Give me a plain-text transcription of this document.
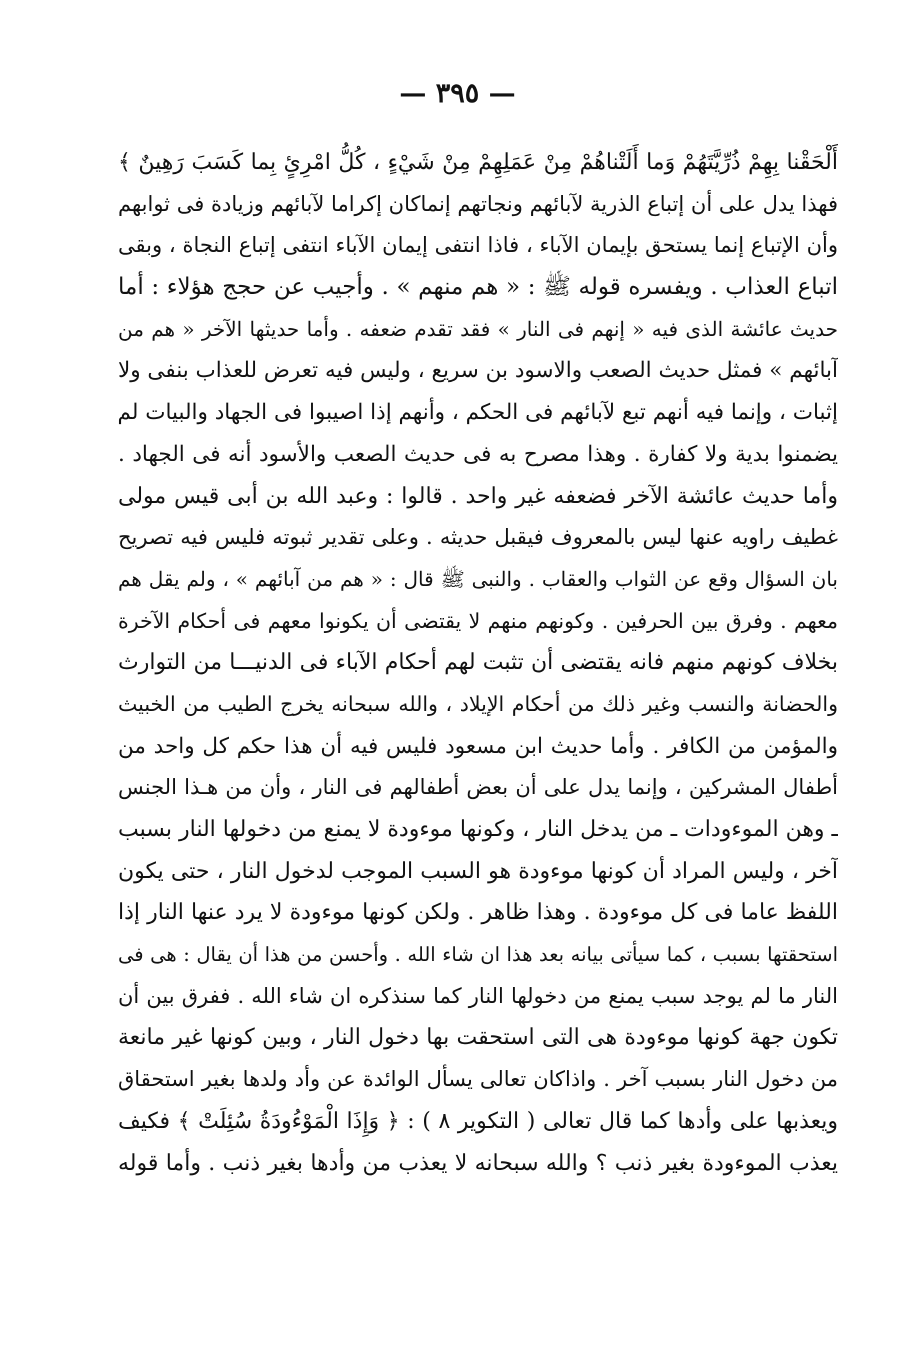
— ٣٩٥ —
أَلْحَقْنا بِهِمْ ذُرِّيَّتَهُمْ وَما أَلَتْناهُمْ مِنْ عَمَلِهِمْ مِنْ شَيْءٍ ، كُلُّ امْرِئٍ بِما كَسَبَ رَهِينٌ ﴾
فهذا يدل على أن إتباع الذرية لآبائهم ونجاتهم إنماكان إكراما لآبائهم وزيادة فى ثوابهم
وأن الإتباع إنما يستحق بإيمان الآباء ، فاذا انتفى إيمان الآباء انتفى إتباع النجاة ، وبقى
اتباع العذاب . ويفسره قوله ﷺ : « هم منهم » . وأجيب عن حجج هؤلاء : أما
حديث عائشة الذى فيه « إنهم فى النار » فقد تقدم ضعفه . وأما حديثها الآخر « هم من
آبائهم » فمثل حديث الصعب والاسود بن سريع ، وليس فيه تعرض للعذاب بنفى ولا
إثبات ، وإنما فيه أنهم تبع لآبائهم فى الحكم ، وأنهم إذا اصيبوا فى الجهاد والبيات لم
يضمنوا بدية ولا كفارة . وهذا مصرح به فى حديث الصعب والأسود أنه فى الجهاد .
وأما حديث عائشة الآخر فضعفه غير واحد . قالوا : وعبد الله بن أبى قيس مولى
غطيف راويه عنها ليس بالمعروف فيقبل حديثه . وعلى تقدير ثبوته فليس فيه تصريح
بان السؤال وقع عن الثواب والعقاب . والنبى ﷺ قال : « هم من آبائهم » ، ولم يقل هم
معهم . وفرق بين الحرفين . وكونهم منهم لا يقتضى أن يكونوا معهم فى أحكام الآخرة
بخلاف كونهم منهم فانه يقتضى أن تثبت لهم أحكام الآباء فى الدنيـــا من التوارث
والحضانة والنسب وغير ذلك من أحكام الإيلاد ، والله سبحانه يخرج الطيب من الخبيث
والمؤمن من الكافر . وأما حديث ابن مسعود فليس فيه أن هذا حكم كل واحد من
أطفال المشركين ، وإنما يدل على أن بعض أطفالهم فى النار ، وأن من هـذا الجنس
ـ وهن الموءودات ـ من يدخل النار ، وكونها موءودة لا يمنع من دخولها النار بسبب
آخر ، وليس المراد أن كونها موءودة هو السبب الموجب لدخول النار ، حتى يكون
اللفظ عاما فى كل موءودة . وهذا ظاهر . ولكن كونها موءودة لا يرد عنها النار إذا
استحقتها بسبب ، كما سيأتى بيانه بعد هذا ان شاء الله . وأحسن من هذا أن يقال : هى فى
النار ما لم يوجد سبب يمنع من دخولها النار كما سنذكره ان شاء الله . ففرق بين أن
تكون جهة كونها موءودة هى التى استحقت بها دخول النار ، وبين كونها غير مانعة
من دخول النار بسبب آخر . واذاكان تعالى يسأل الوائدة عن وأد ولدها بغير استحقاق
ويعذبها على وأدها كما قال تعالى ( التكوير ٨ ) : ﴿ وَإِذَا الْمَوْءُودَةُ سُئِلَتْ ﴾ فكيف
يعذب الموءودة بغير ذنب ؟ والله سبحانه لا يعذب من وأدها بغير ذنب . وأما قوله
